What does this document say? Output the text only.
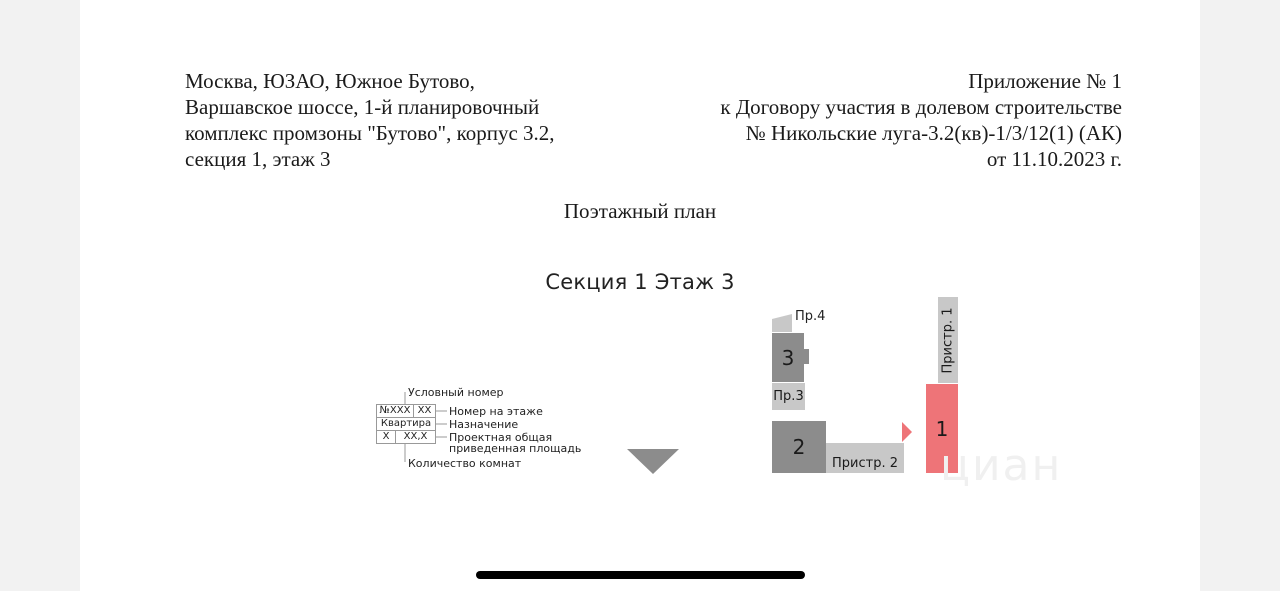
Москва, ЮЗАО, Южное Бутово,
Варшавское шоссе, 1-й планировочный
комплекс промзоны "Бутово", корпус 3.2,
секция 1, этаж 3
Приложение № 1
к Договору участия в долевом строительстве
№ Никольские луга-3.2(кв)-1/3/12(1) (АК)
от 11.10.2023 г.
Поэтажный план
Секция 1 Этаж 3
Условный номер
№XXX XX
Квартира
X	XX,X
Номер на этаже
Назначение
Проектная общая
приведенная площадь
Количество комнат
Пр.4
3
Пр.3
2
Пристр. 2
Пристр. 1
1
циан
